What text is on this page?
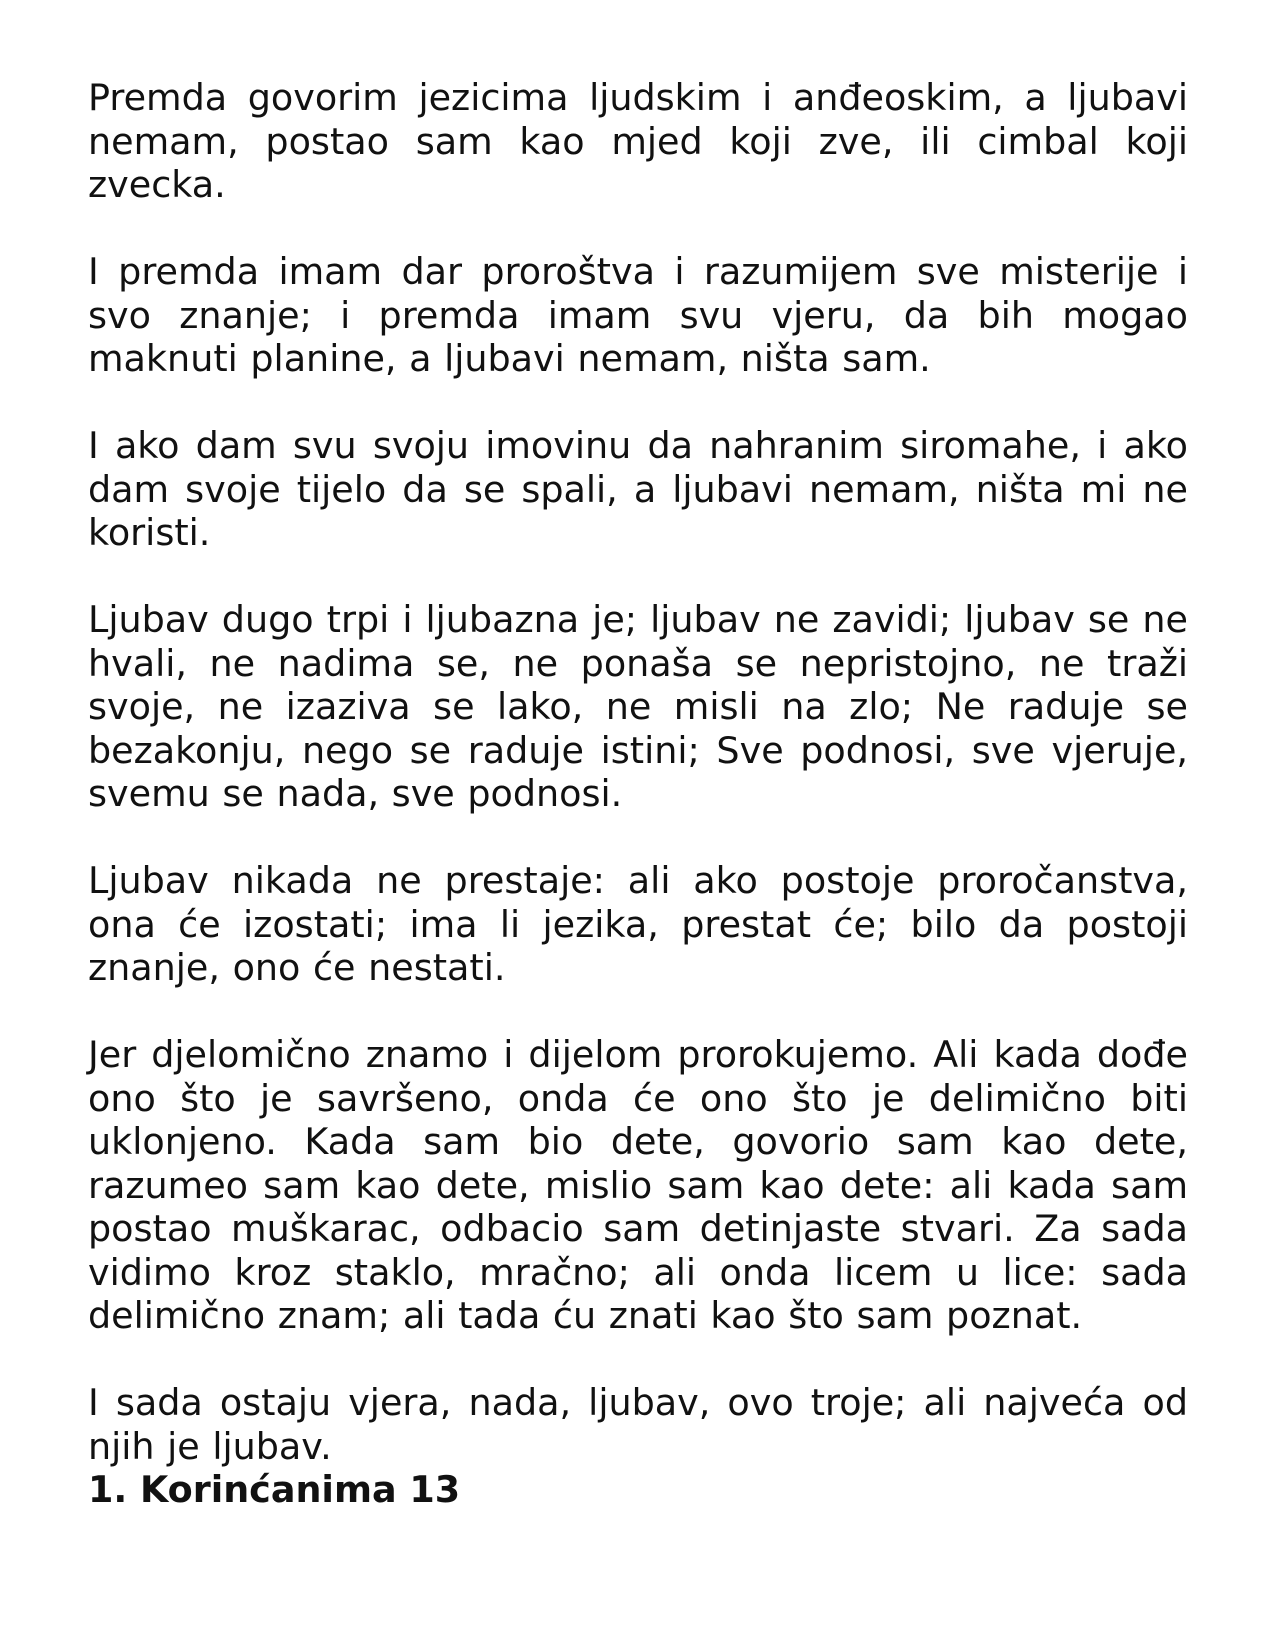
Premda govorim jezicima ljudskim i anđeoskim, a ljubavi nemam, postao sam kao mjed koji zve, ili cimbal koji zvecka.

I premda imam dar proroštva i razumijem sve misterije i svo znanje; i premda imam svu vjeru, da bih mogao maknuti planine, a ljubavi nemam, ništa sam.

I ako dam svu svoju imovinu da nahranim siromahe, i ako dam svoje tijelo da se spali, a ljubavi nemam, ništa mi ne koristi.

Ljubav dugo trpi i ljubazna je; ljubav ne zavidi; ljubav se ne hvali, ne nadima se, ne ponaša se nepristojno, ne traži svoje, ne izaziva se lako, ne misli na zlo; Ne raduje se bezakonju, nego se raduje istini; Sve podnosi, sve vjeruje, svemu se nada, sve podnosi.

Ljubav nikada ne prestaje: ali ako postoje proročanstva, ona će izostati; ima li jezika, prestat će; bilo da postoji znanje, ono će nestati.

Jer djelomično znamo i dijelom prorokujemo. Ali kada dođe ono što je savršeno, onda će ono što je delimično biti uklonjeno. Kada sam bio dete, govorio sam kao dete, razumeo sam kao dete, mislio sam kao dete: ali kada sam postao muškarac, odbacio sam detinjaste stvari. Za sada vidimo kroz staklo, mračno; ali onda licem u lice: sada delimično znam; ali tada ću znati kao što sam poznat.

I sada ostaju vjera, nada, ljubav, ovo troje; ali najveća od njih je ljubav.

1. Korinćanima 13
